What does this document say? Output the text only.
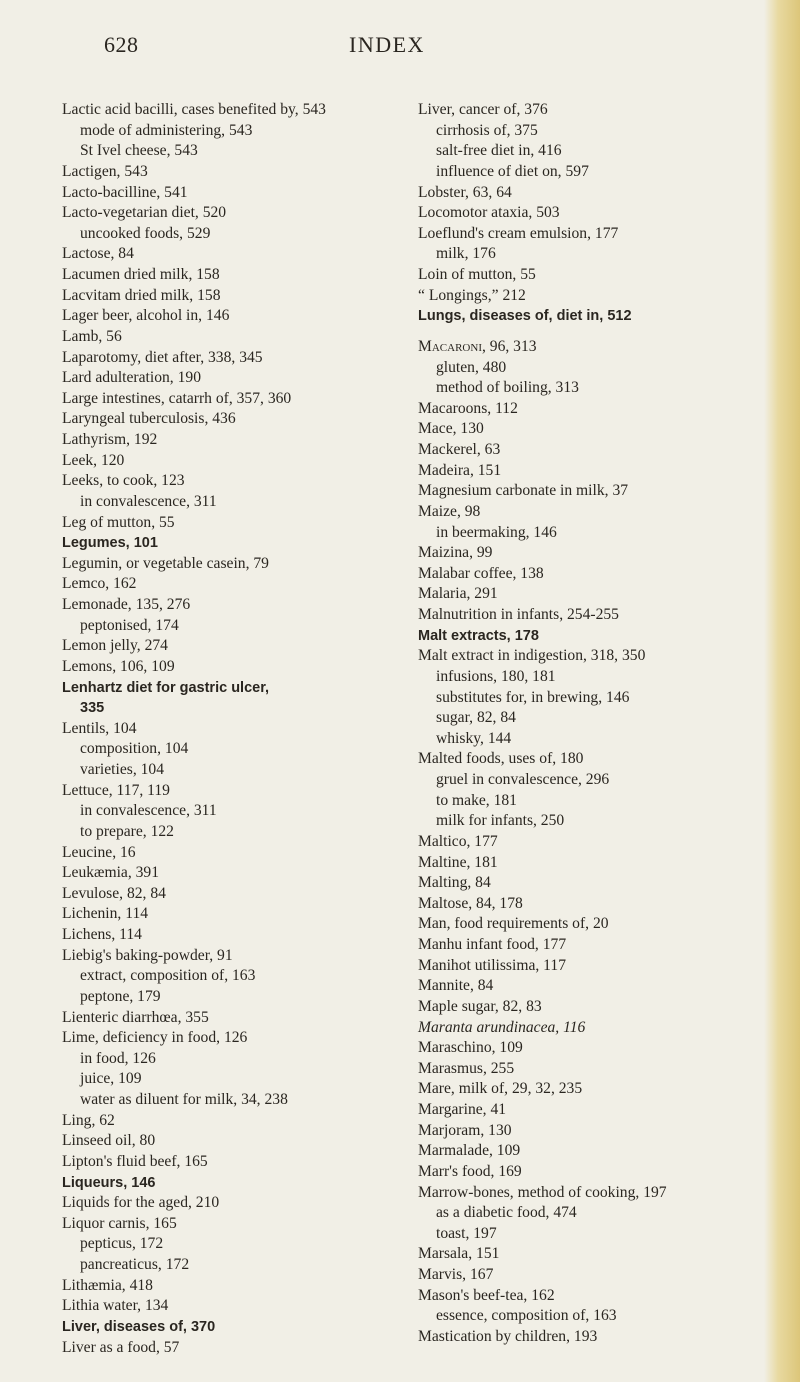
628	INDEX
Lactic acid bacilli, cases benefited by, 543
mode of administering, 543
St Ivel cheese, 543
Lactigen, 543
Lacto-bacilline, 541
Lacto-vegetarian diet, 520
uncooked foods, 529
Lactose, 84
Lacumen dried milk, 158
Lacvitam dried milk, 158
Lager beer, alcohol in, 146
Lamb, 56
Laparotomy, diet after, 338, 345
Lard adulteration, 190
Large intestines, catarrh of, 357, 360
Laryngeal tuberculosis, 436
Lathyrism, 192
Leek, 120
Leeks, to cook, 123
in convalescence, 311
Leg of mutton, 55
Legumes, 101
Legumin, or vegetable casein, 79
Lemco, 162
Lemonade, 135, 276
peptonised, 174
Lemon jelly, 274
Lemons, 106, 109
Lenhartz diet for gastric ulcer,
335
Lentils, 104
composition, 104
varieties, 104
Lettuce, 117, 119
in convalescence, 311
to prepare, 122
Leucine, 16
Leukæmia, 391
Levulose, 82, 84
Lichenin, 114
Lichens, 114
Liebig's baking-powder, 91
extract, composition of, 163
peptone, 179
Lienteric diarrhœa, 355
Lime, deficiency in food, 126
in food, 126
juice, 109
water as diluent for milk, 34, 238
Ling, 62
Linseed oil, 80
Lipton's fluid beef, 165
Liqueurs, 146
Liquids for the aged, 210
Liquor carnis, 165
pepticus, 172
pancreaticus, 172
Lithæmia, 418
Lithia water, 134
Liver, diseases of, 370
Liver as a food, 57
Liver, cancer of, 376
cirrhosis of, 375
salt-free diet in, 416
influence of diet on, 597
Lobster, 63, 64
Locomotor ataxia, 503
Loeflund's cream emulsion, 177
milk, 176
Loin of mutton, 55
“ Longings,” 212
Lungs, diseases of, diet in, 512
Macaroni, 96, 313
gluten, 480
method of boiling, 313
Macaroons, 112
Mace, 130
Mackerel, 63
Madeira, 151
Magnesium carbonate in milk, 37
Maize, 98
in beermaking, 146
Maizina, 99
Malabar coffee, 138
Malaria, 291
Malnutrition in infants, 254-255
Malt extracts, 178
Malt extract in indigestion, 318, 350
infusions, 180, 181
substitutes for, in brewing, 146
sugar, 82, 84
whisky, 144
Malted foods, uses of, 180
gruel in convalescence, 296
to make, 181
milk for infants, 250
Maltico, 177
Maltine, 181
Malting, 84
Maltose, 84, 178
Man, food requirements of, 20
Manhu infant food, 177
Manihot utilissima, 117
Mannite, 84
Maple sugar, 82, 83
Maranta arundinacea, 116
Maraschino, 109
Marasmus, 255
Mare, milk of, 29, 32, 235
Margarine, 41
Marjoram, 130
Marmalade, 109
Marr's food, 169
Marrow-bones, method of cooking, 197
as a diabetic food, 474
toast, 197
Marsala, 151
Marvis, 167
Mason's beef-tea, 162
essence, composition of, 163
Mastication by children, 193
